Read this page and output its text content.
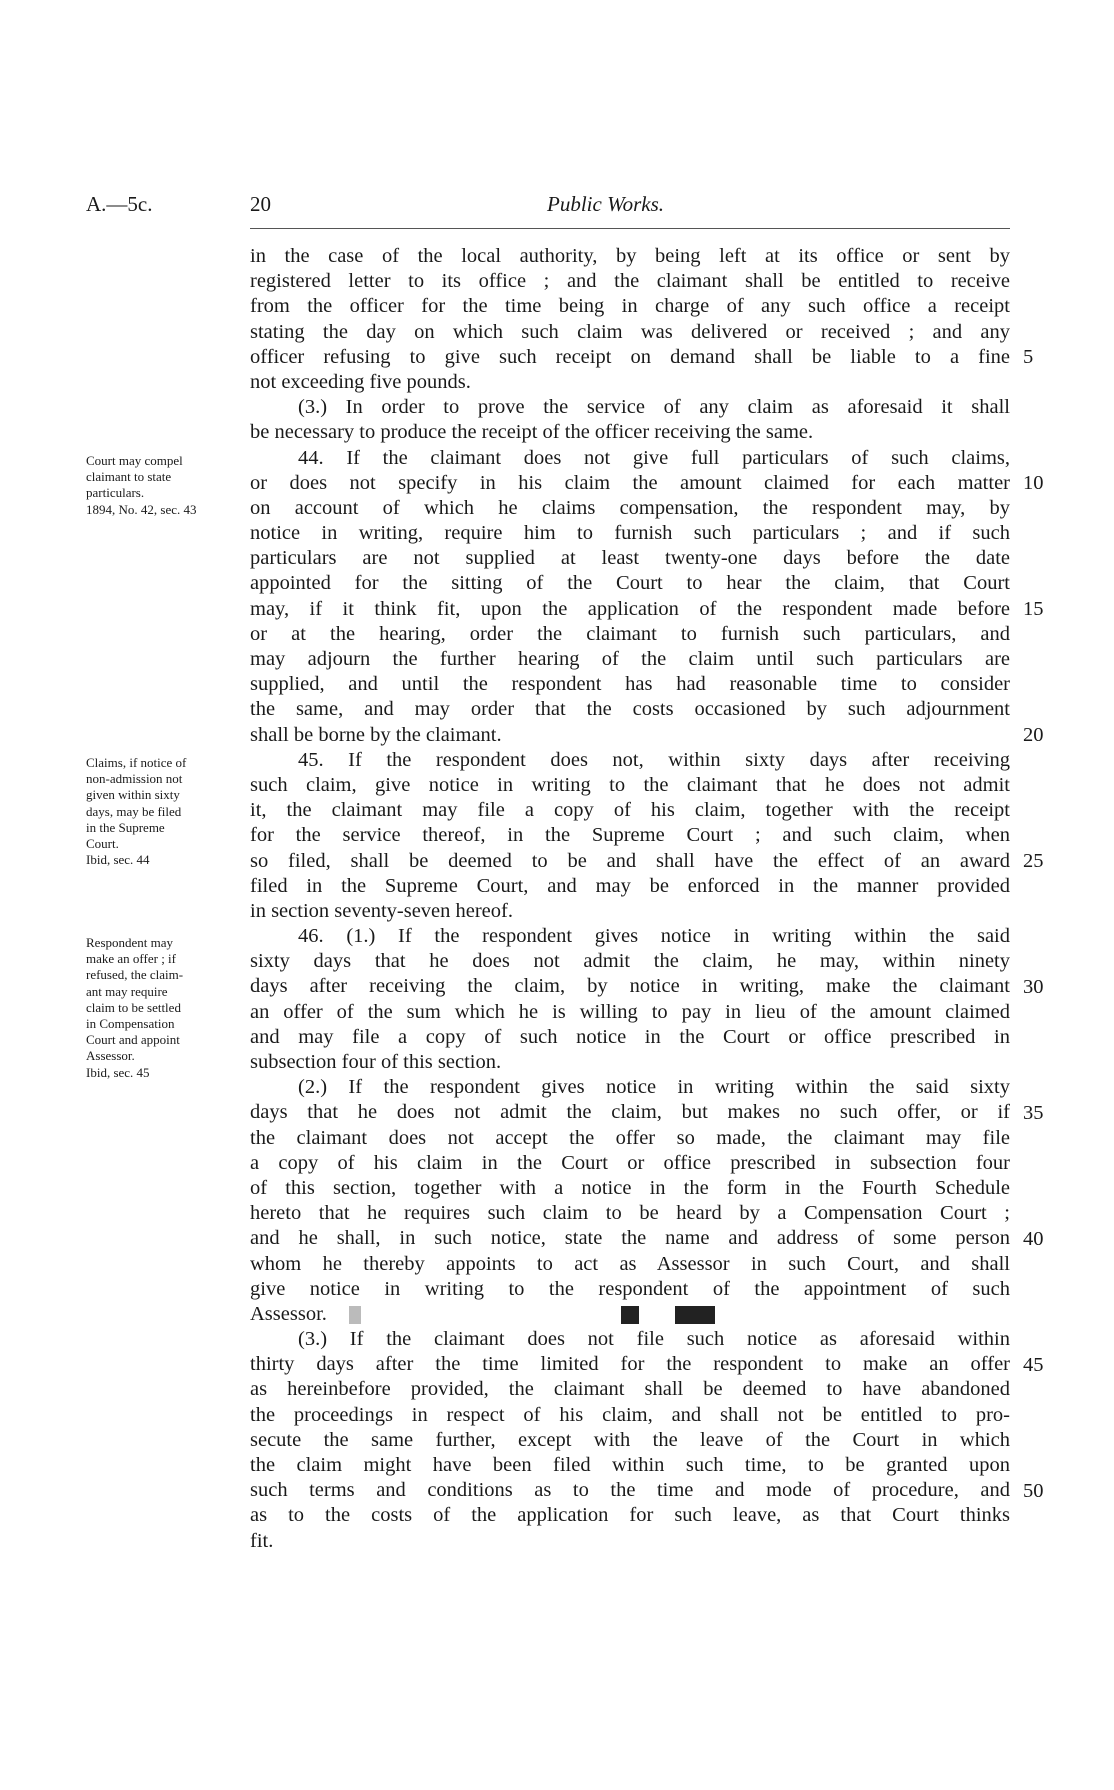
A.—5c.	20	Public Works.
Court may compel
claimant to state
particulars.
1894, No. 42, sec. 43
Claims, if notice of
non-admission not
given within sixty
days, may be filed
in the Supreme
Court.
Ibid, sec. 44
Respondent may
make an offer ; if
refused, the claim-
ant may require
claim to be settled
in Compensation
Court and appoint
Assessor.
Ibid, sec. 45
5
10
15
20
25
30
35
40
45
50
in the case of the local authority, by being left at its office or sent by
registered letter to its office ; and the claimant shall be entitled to receive
from the officer for the time being in charge of any such office a receipt
stating the day on which such claim was delivered or received ; and any
officer refusing to give such receipt on demand shall be liable to a fine
not exceeding five pounds.
(3.) In order to prove the service of any claim as aforesaid it shall
be necessary to produce the receipt of the officer receiving the same.
44. If the claimant does not give full particulars of such claims,
or does not specify in his claim the amount claimed for each matter
on account of which he claims compensation, the respondent may, by
notice in writing, require him to furnish such particulars ; and if such
particulars are not supplied at least twenty-one days before the date
appointed for the sitting of the Court to hear the claim, that Court
may, if it think fit, upon the application of the respondent made before
or at the hearing, order the claimant to furnish such particulars, and
may adjourn the further hearing of the claim until such particulars are
supplied, and until the respondent has had reasonable time to consider
the same, and may order that the costs occasioned by such adjournment
shall be borne by the claimant.
45. If the respondent does not, within sixty days after receiving
such claim, give notice in writing to the claimant that he does not admit
it, the claimant may file a copy of his claim, together with the receipt
for the service thereof, in the Supreme Court ; and such claim, when
so filed, shall be deemed to be and shall have the effect of an award
filed in the Supreme Court, and may be enforced in the manner provided
in section seventy-seven hereof.
46. (1.) If the respondent gives notice in writing within the said
sixty days that he does not admit the claim, he may, within ninety
days after receiving the claim, by notice in writing, make the claimant
an offer of the sum which he is willing to pay in lieu of the amount claimed
and may file a copy of such notice in the Court or office prescribed in
subsection four of this section.
(2.) If the respondent gives notice in writing within the said sixty
days that he does not admit the claim, but makes no such offer, or if
the claimant does not accept the offer so made, the claimant may file
a copy of his claim in the Court or office prescribed in subsection four
of this section, together with a notice in the form in the Fourth Schedule
hereto that he requires such claim to be heard by a Compensation Court ;
and he shall, in such notice, state the name and address of some person
whom he thereby appoints to act as Assessor in such Court, and shall
give notice in writing to the respondent of the appointment of such
Assessor.
(3.) If the claimant does not file such notice as aforesaid within
thirty days after the time limited for the respondent to make an offer
as hereinbefore provided, the claimant shall be deemed to have abandoned
the proceedings in respect of his claim, and shall not be entitled to pro-
secute the same further, except with the leave of the Court in which
the claim might have been filed within such time, to be granted upon
such terms and conditions as to the time and mode of procedure, and
as to the costs of the application for such leave, as that Court thinks
fit.
